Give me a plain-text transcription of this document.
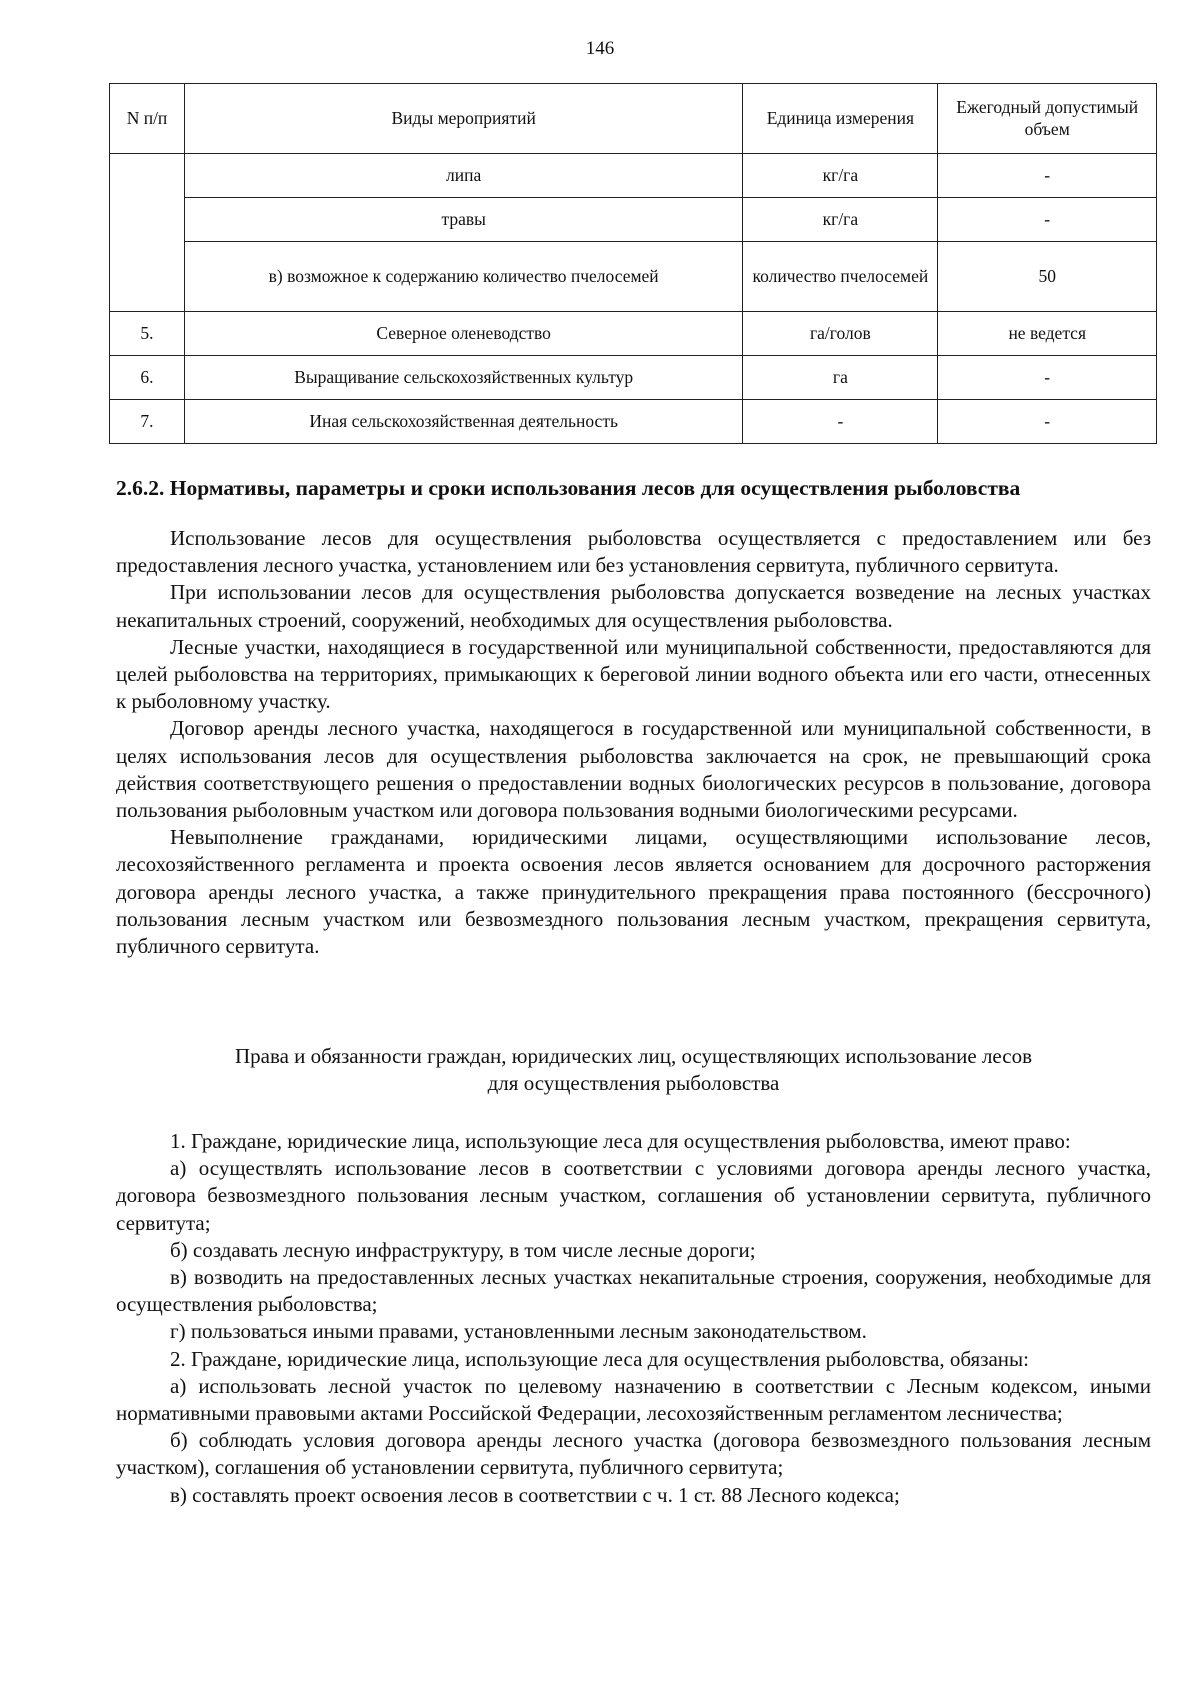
146
N п/п	Виды мероприятий	Единица измерения	Ежегодный допустимый объем
	липа	кг/га	-
	травы	кг/га	-
	в) возможное к содержанию количество пчелосемей	количество пчелосемей	50
5.	Северное оленеводство	га/голов	не ведется
6.	Выращивание сельскохозяйственных культур	га	-
7.	Иная сельскохозяйственная деятельность	-	-
2.6.2. Нормативы, параметры и сроки использования лесов для осуществления рыболовства

Использование лесов для осуществления рыболовства осуществляется с предоставлением или без предоставления лесного участка, установлением или без установления сервитута, публичного сервитута.

При использовании лесов для осуществления рыболовства допускается возведение на лесных участках некапитальных строений, сооружений, необходимых для осуществления рыболовства.

Лесные участки, находящиеся в государственной или муниципальной собственности, предоставляются для целей рыболовства на территориях, примыкающих к береговой линии водного объекта или его части, отнесенных к рыболовному участку.

Договор аренды лесного участка, находящегося в государственной или муниципальной собственности, в целях использования лесов для осуществления рыболовства заключается на срок, не превышающий срока действия соответствующего решения о предоставлении водных биологических ресурсов в пользование, договора пользования рыболовным участком или договора пользования водными биологическими ресурсами.

Невыполнение гражданами, юридическими лицами, осуществляющими использование лесов, лесохозяйственного регламента и проекта освоения лесов является основанием для досрочного расторжения договора аренды лесного участка, а также принудительного прекращения права постоянного (бессрочного) пользования лесным участком или безвозмездного пользования лесным участком, прекращения сервитута, публичного сервитута.

Права и обязанности граждан, юридических лиц, осуществляющих использование лесов
для осуществления рыболовства

1. Граждане, юридические лица, использующие леса для осуществления рыболовства, имеют право:

а) осуществлять использование лесов в соответствии с условиями договора аренды лесного участка, договора безвозмездного пользования лесным участком, соглашения об установлении сервитута, публичного сервитута;

б) создавать лесную инфраструктуру, в том числе лесные дороги;

в) возводить на предоставленных лесных участках некапитальные строения, сооружения, необходимые для осуществления рыболовства;

г) пользоваться иными правами, установленными лесным законодательством.

2. Граждане, юридические лица, использующие леса для осуществления рыболовства, обязаны:

а) использовать лесной участок по целевому назначению в соответствии с Лесным кодексом, иными нормативными правовыми актами Российской Федерации, лесохозяйственным регламентом лесничества;

б) соблюдать условия договора аренды лесного участка (договора безвозмездного пользования лесным участком), соглашения об установлении сервитута, публичного сервитута;

в) составлять проект освоения лесов в соответствии с ч. 1 ст. 88 Лесного кодекса;
